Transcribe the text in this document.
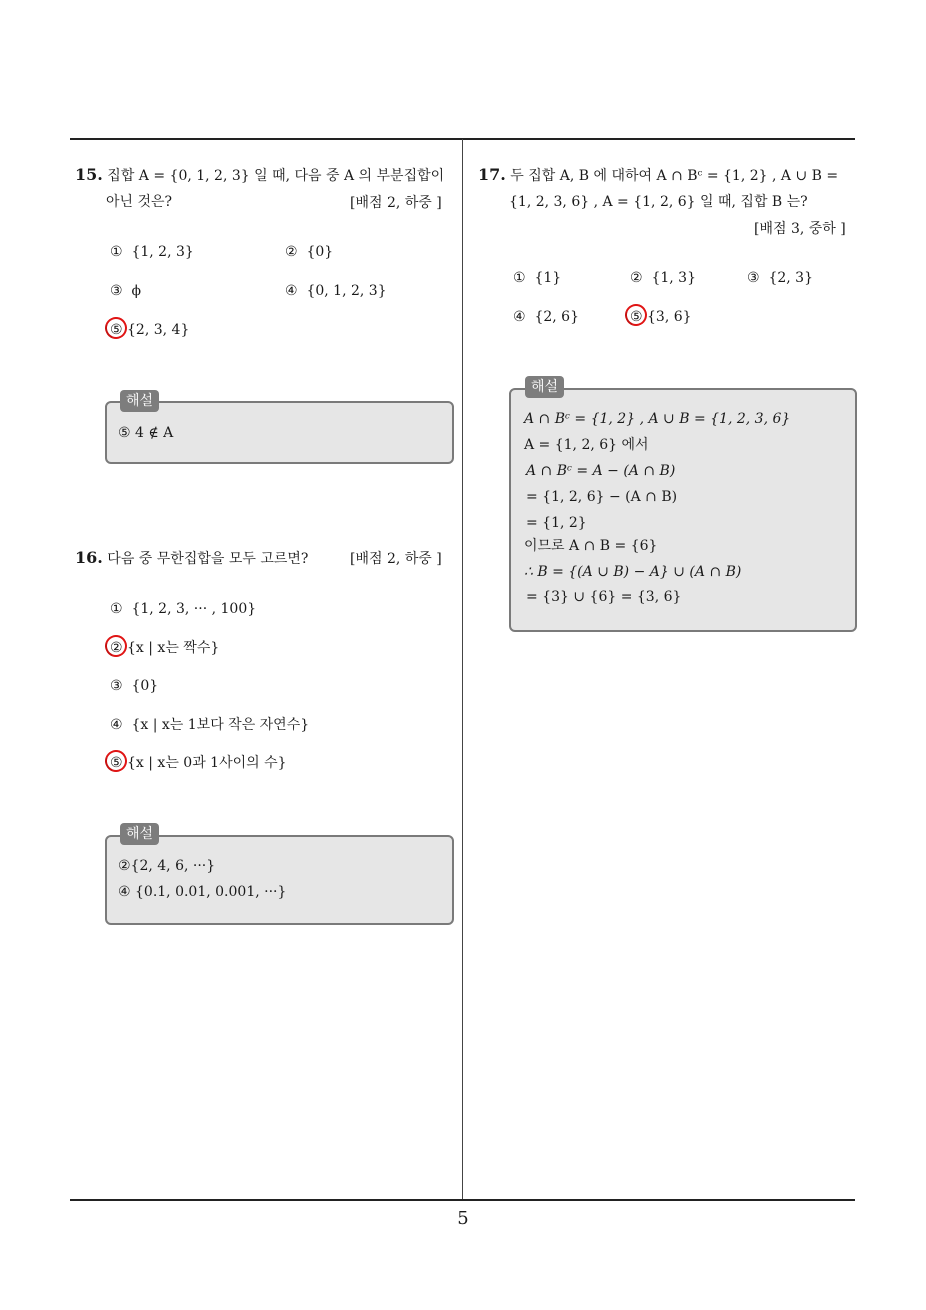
15. 집합 A = {0, 1, 2, 3} 일 때, 다음 중 A 의 부분집합이
아닌 것은?	[배점 2, 하중 ]
① {1, 2, 3}	② {0}
③ ϕ	④ {0, 1, 2, 3}
⑤ {2, 3, 4}
⑤ 4 ∉ A
해설
16. 다음 중 무한집합을 모두 고르면?	[배점 2, 하중 ]
① {1, 2, 3, ··· , 100}
② {x | x는 짝수}
③ {0}
④ {x | x는 1보다 작은 자연수}
⑤ {x | x는 0과 1사이의 수}
②{2, 4, 6, ···}
④ {0.1, 0.01, 0.001, ···}
해설
17. 두 집합 A, B 에 대하여 A ∩ Bᶜ = {1, 2} , A ∪ B =
{1, 2, 3, 6} , A = {1, 2, 6} 일 때, 집합 B 는?
[배점 3, 중하 ]
① {1}	② {1, 3}	③ {2, 3}
④ {2, 6}	⑤ {3, 6}
A ∩ Bᶜ = {1, 2} , A ∪ B = {1, 2, 3, 6}
A = {1, 2, 6} 에서
A ∩ Bᶜ = A − (A ∩ B)
= {1, 2, 6} − (A ∩ B)
= {1, 2}
이므로 A ∩ B = {6}
∴ B = {(A ∪ B) − A} ∪ (A ∩ B)
= {3} ∪ {6} = {3, 6}
해설
5
